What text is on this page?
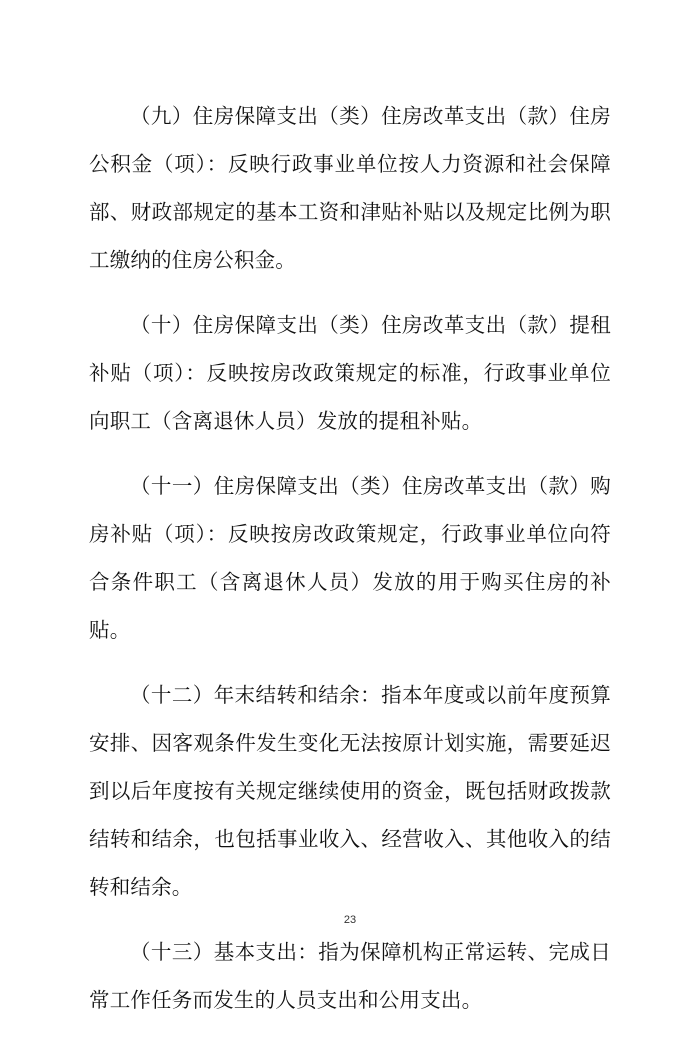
（九）住房保障支出（类）住房改革支出（款）住房公积金（项）：反映行政事业单位按人力资源和社会保障部、财政部规定的基本工资和津贴补贴以及规定比例为职工缴纳的住房公积金。

（十）住房保障支出（类）住房改革支出（款）提租补贴（项）：反映按房改政策规定的标准，行政事业单位向职工（含离退休人员）发放的提租补贴。

（十一）住房保障支出（类）住房改革支出（款）购房补贴（项）：反映按房改政策规定，行政事业单位向符合条件职工（含离退休人员）发放的用于购买住房的补贴。

（十二）年末结转和结余：指本年度或以前年度预算安排、因客观条件发生变化无法按原计划实施，需要延迟到以后年度按有关规定继续使用的资金，既包括财政拨款结转和结余，也包括事业收入、经营收入、其他收入的结转和结余。

（十三）基本支出：指为保障机构正常运转、完成日常工作任务而发生的人员支出和公用支出。

23
